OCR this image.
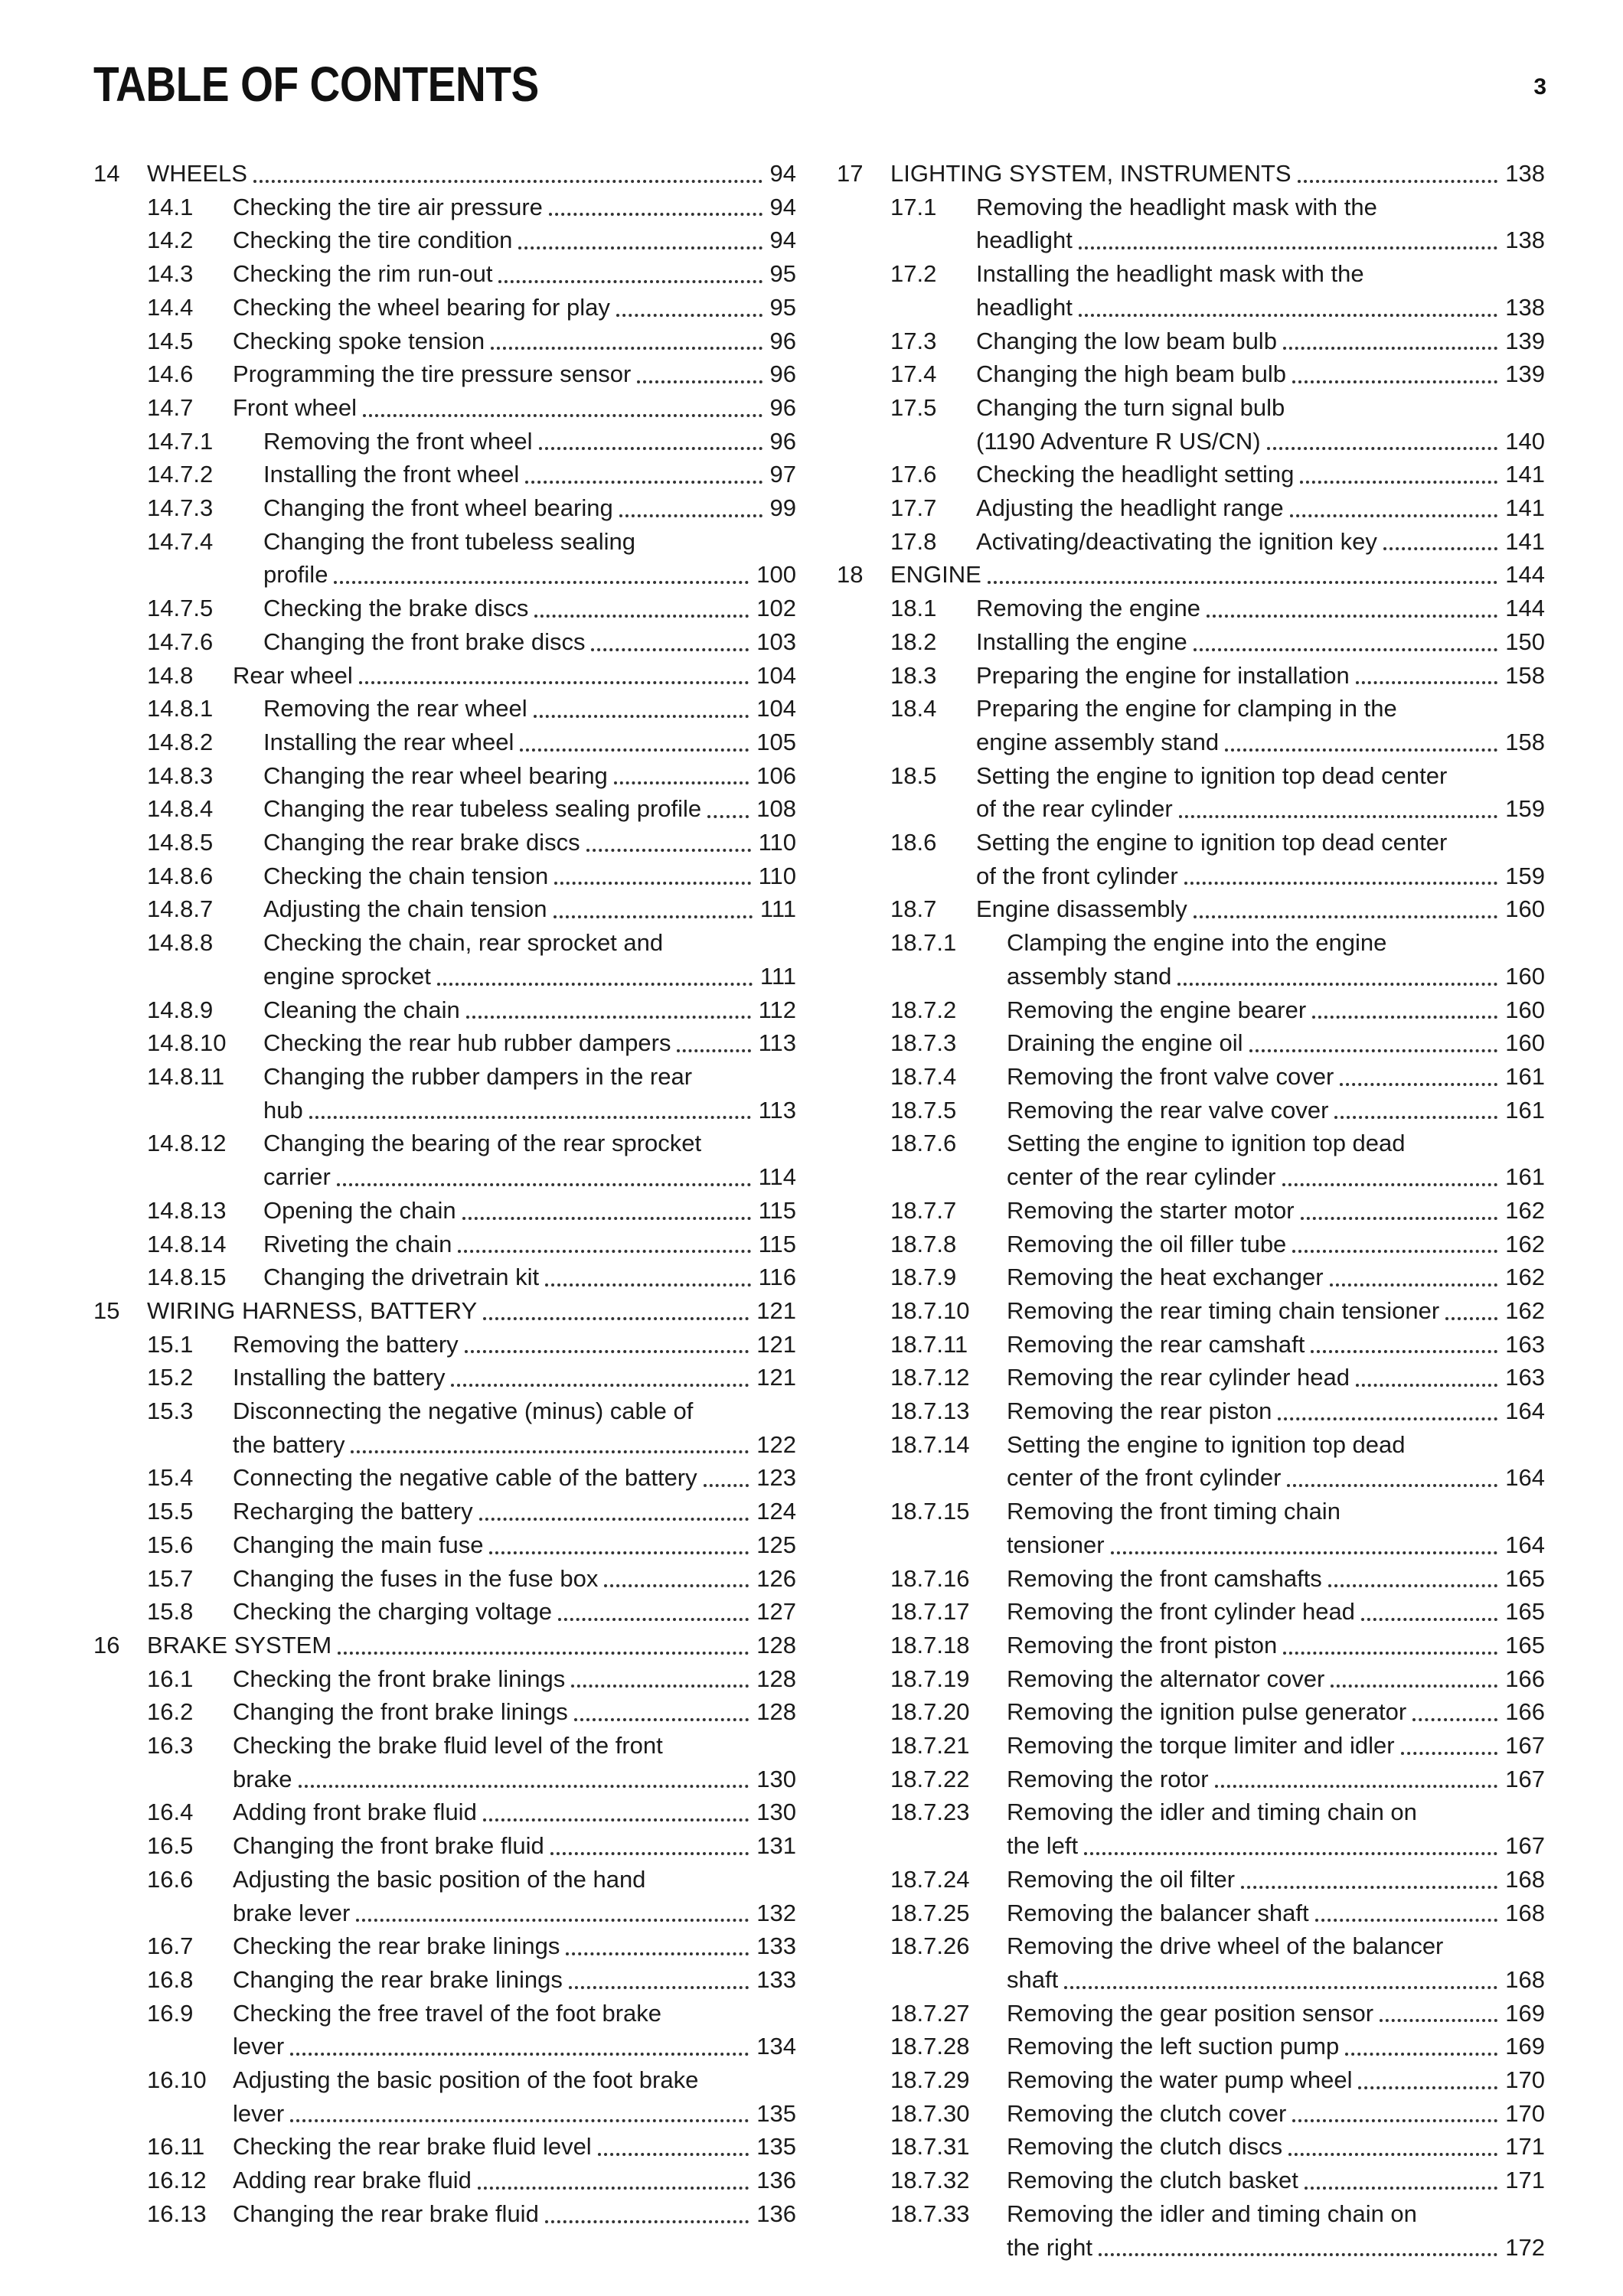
TABLE OF CONTENTS	3
14 WHEELS	94
14.1 Checking the tire air pressure	94
14.2 Checking the tire condition	94
14.3 Checking the rim run-out	95
14.4 Checking the wheel bearing for play	95
14.5 Checking spoke tension	96
14.6 Programming the tire pressure sensor	96
14.7 Front wheel	96
14.7.1 Removing the front wheel	96
14.7.2 Installing the front wheel	97
14.7.3 Changing the front wheel bearing	99
14.7.4 Changing the front tubeless sealing
profile	100
14.7.5 Checking the brake discs	102
14.7.6 Changing the front brake discs	103
14.8 Rear wheel	104
14.8.1 Removing the rear wheel	104
14.8.2 Installing the rear wheel	105
14.8.3 Changing the rear wheel bearing	106
14.8.4 Changing the rear tubeless sealing profile 108
14.8.5 Changing the rear brake discs	110
14.8.6 Checking the chain tension	110
14.8.7 Adjusting the chain tension	111
14.8.8 Checking the chain, rear sprocket and
engine sprocket	111
14.8.9 Cleaning the chain	112
14.8.10 Checking the rear hub rubber dampers	113
14.8.11 Changing the rubber dampers in the rear
hub	113
14.8.12 Changing the bearing of the rear sprocket
carrier	114
14.8.13 Opening the chain	115
14.8.14 Riveting the chain	115
14.8.15 Changing the drivetrain kit	116
15 WIRING HARNESS, BATTERY	121
15.1 Removing the battery	121
15.2 Installing the battery	121
15.3 Disconnecting the negative (minus) cable of
the battery	122
15.4 Connecting the negative cable of the battery	123
15.5 Recharging the battery	124
15.6 Changing the main fuse	125
15.7 Changing the fuses in the fuse box	126
15.8 Checking the charging voltage	127
16 BRAKE SYSTEM	128
16.1 Checking the front brake linings	128
16.2 Changing the front brake linings	128
16.3 Checking the brake fluid level of the front
brake	130
16.4 Adding front brake fluid	130
16.5 Changing the front brake fluid	131
16.6 Adjusting the basic position of the hand
brake lever	132
16.7 Checking the rear brake linings	133
16.8 Changing the rear brake linings	133
16.9 Checking the free travel of the foot brake
lever	134
16.10 Adjusting the basic position of the foot brake
lever	135
16.11 Checking the rear brake fluid level	135
16.12 Adding rear brake fluid	136
16.13 Changing the rear brake fluid	136
17 LIGHTING SYSTEM, INSTRUMENTS	138
17.1 Removing the headlight mask with the
headlight	138
17.2 Installing the headlight mask with the
headlight	138
17.3 Changing the low beam bulb	139
17.4 Changing the high beam bulb	139
17.5 Changing the turn signal bulb
(1190 Adventure R US/CN)	140
17.6 Checking the headlight setting	141
17.7 Adjusting the headlight range	141
17.8 Activating/deactivating the ignition key	141
18 ENGINE	144
18.1 Removing the engine	144
18.2 Installing the engine	150
18.3 Preparing the engine for installation	158
18.4 Preparing the engine for clamping in the
engine assembly stand	158
18.5 Setting the engine to ignition top dead center
of the rear cylinder	159
18.6 Setting the engine to ignition top dead center
of the front cylinder	159
18.7 Engine disassembly	160
18.7.1 Clamping the engine into the engine
assembly stand	160
18.7.2 Removing the engine bearer	160
18.7.3 Draining the engine oil	160
18.7.4 Removing the front valve cover	161
18.7.5 Removing the rear valve cover	161
18.7.6 Setting the engine to ignition top dead
center of the rear cylinder	161
18.7.7 Removing the starter motor	162
18.7.8 Removing the oil filler tube	162
18.7.9 Removing the heat exchanger	162
18.7.10 Removing the rear timing chain tensioner	162
18.7.11 Removing the rear camshaft	163
18.7.12 Removing the rear cylinder head	163
18.7.13 Removing the rear piston	164
18.7.14 Setting the engine to ignition top dead
center of the front cylinder	164
18.7.15 Removing the front timing chain
tensioner	164
18.7.16 Removing the front camshafts	165
18.7.17 Removing the front cylinder head	165
18.7.18 Removing the front piston	165
18.7.19 Removing the alternator cover	166
18.7.20 Removing the ignition pulse generator	166
18.7.21 Removing the torque limiter and idler	167
18.7.22 Removing the rotor	167
18.7.23 Removing the idler and timing chain on
the left	167
18.7.24 Removing the oil filter	168
18.7.25 Removing the balancer shaft	168
18.7.26 Removing the drive wheel of the balancer
shaft	168
18.7.27 Removing the gear position sensor	169
18.7.28 Removing the left suction pump	169
18.7.29 Removing the water pump wheel	170
18.7.30 Removing the clutch cover	170
18.7.31 Removing the clutch discs	171
18.7.32 Removing the clutch basket	171
18.7.33 Removing the idler and timing chain on
the right	172
